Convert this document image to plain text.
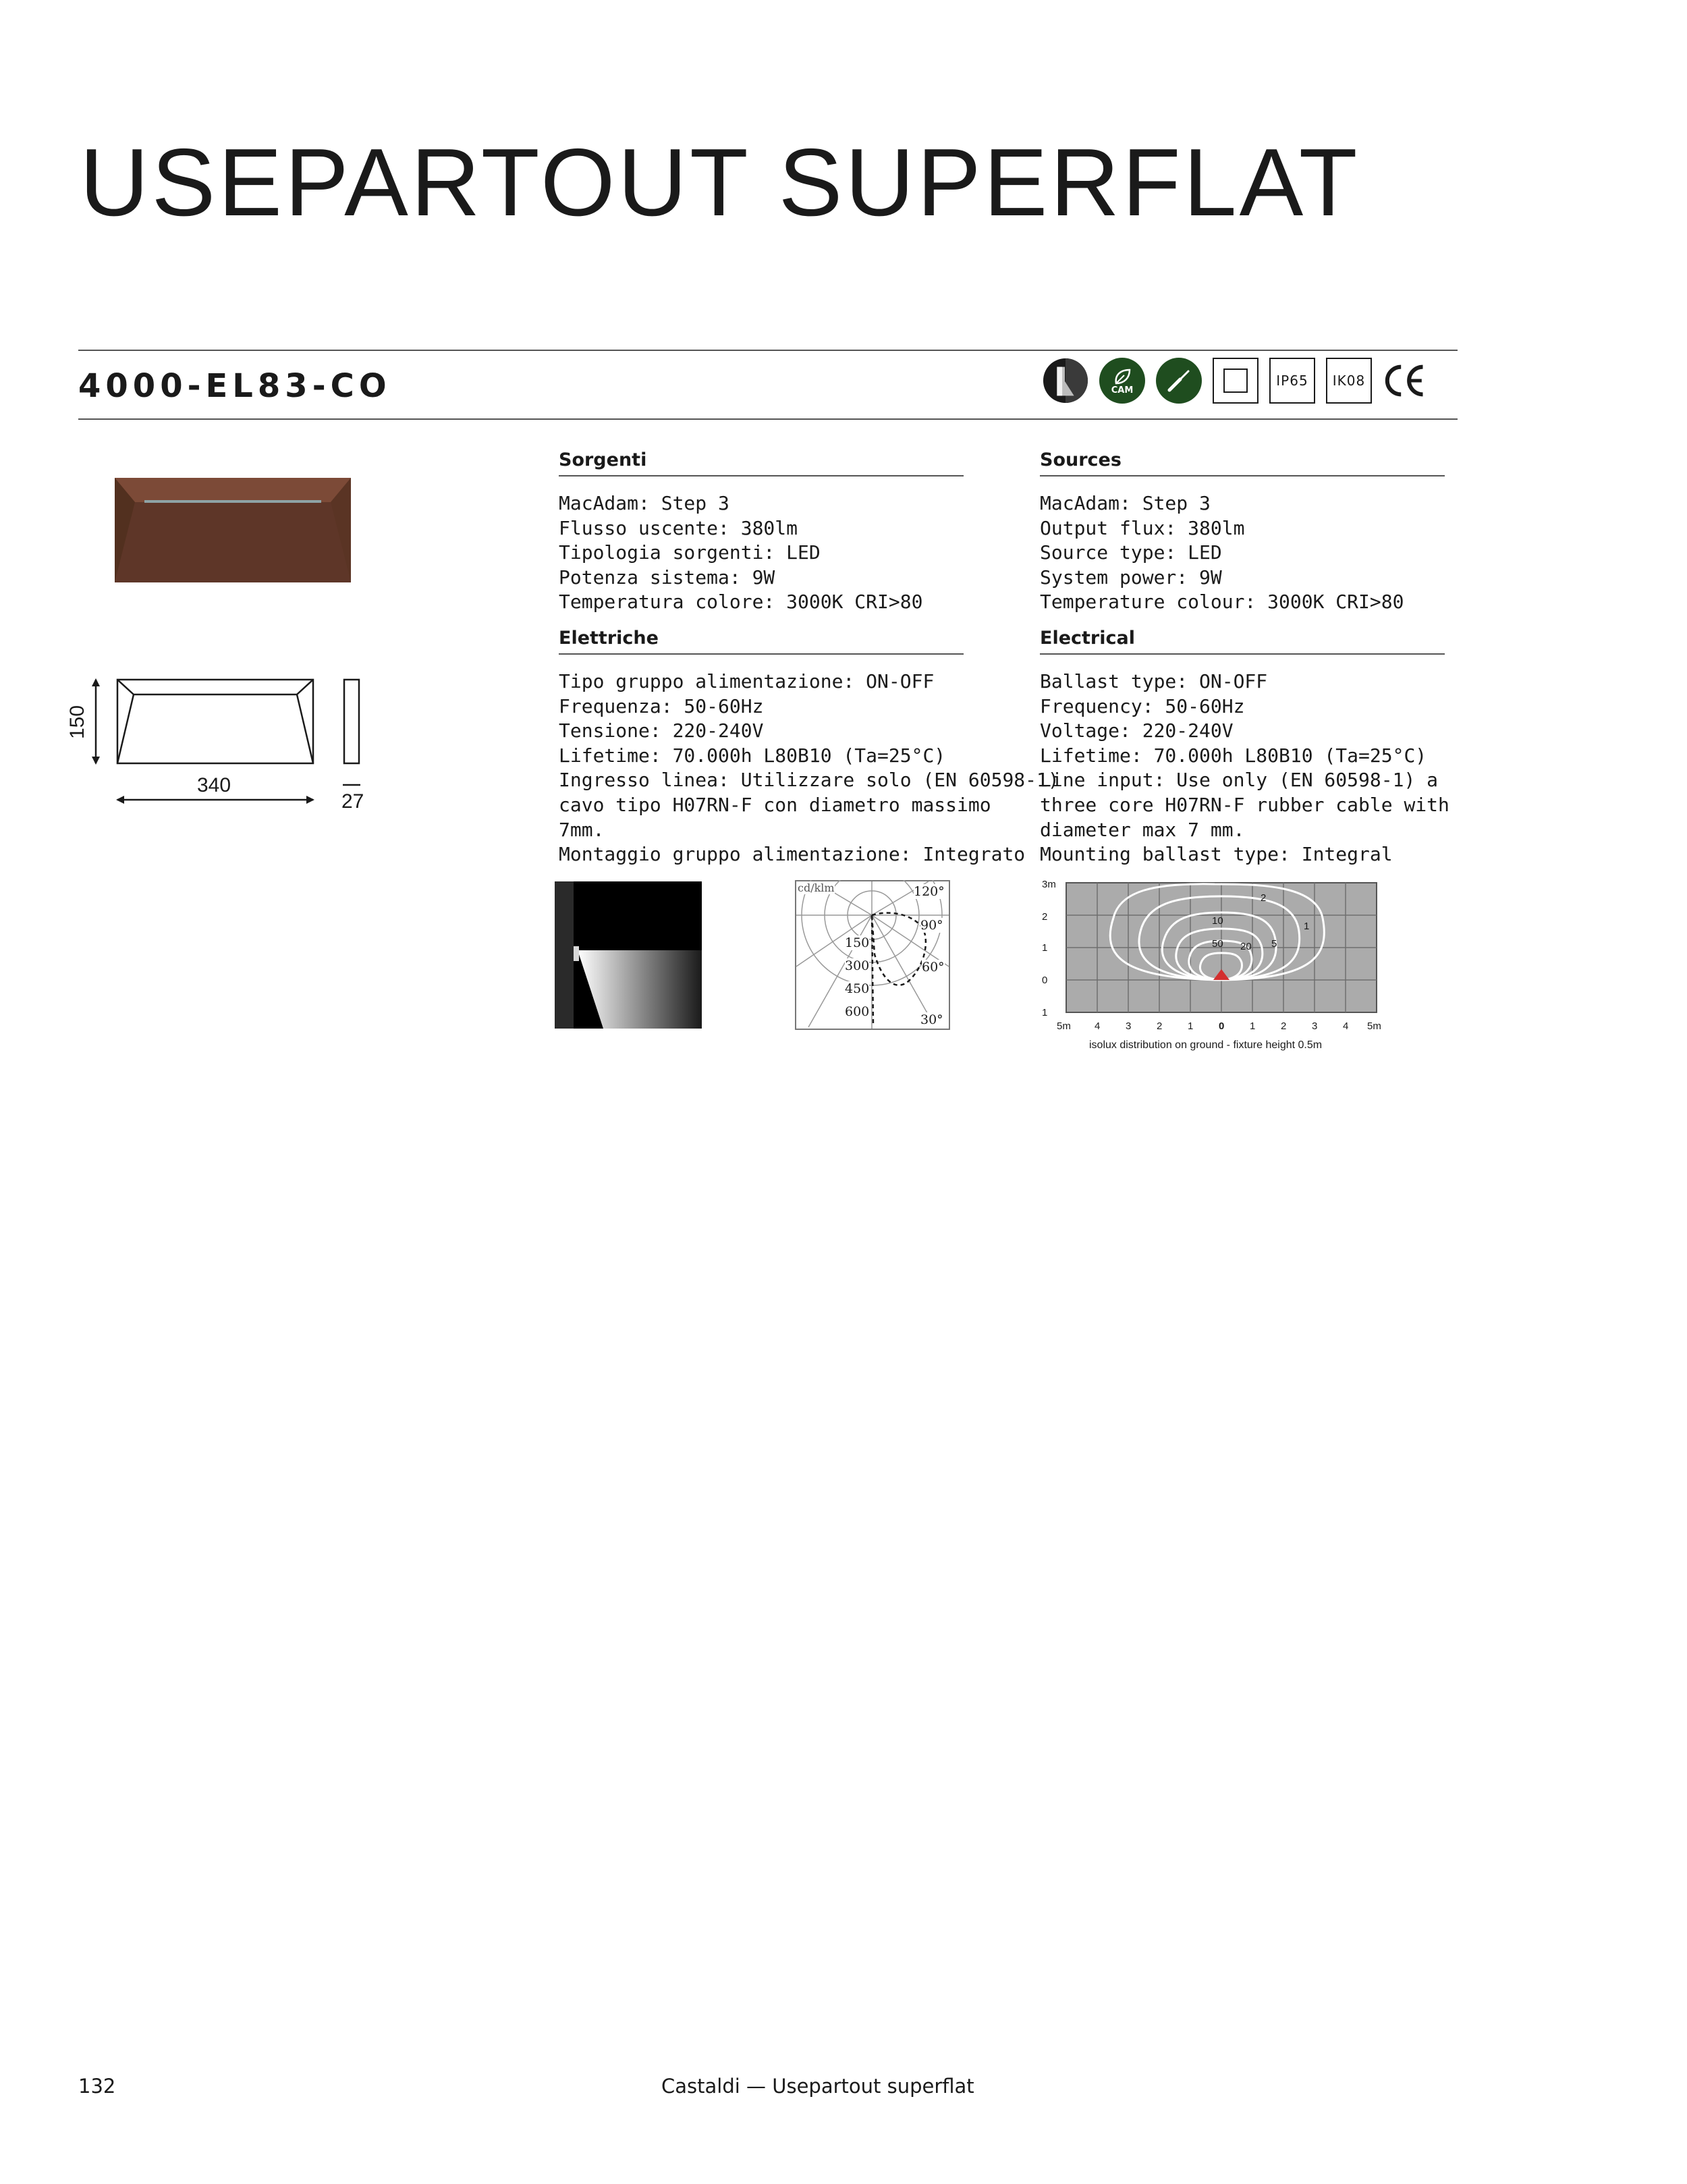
USEPARTOUT SUPERFLAT
4000-EL83-CO	CAM
IP65	IK08
150
340
27
Sorgenti
MacAdam: Step 3
Flusso uscente: 380lm
Tipologia sorgenti: LED
Potenza sistema: 9W
Temperatura colore: 3000K CRI>80
Elettriche
Tipo gruppo alimentazione: ON-OFF
Frequenza: 50-60Hz
Tensione: 220-240V
Lifetime: 70.000h L80B10 (Ta=25°C)
Ingresso linea: Utilizzare solo (EN 60598-1)
cavo tipo H07RN-F con diametro massimo
7mm.
Montaggio gruppo alimentazione: Integrato
Sources
MacAdam: Step 3
Output flux: 380lm
Source type: LED
System power: 9W
Temperature colour: 3000K CRI>80
Electrical
Ballast type: ON-OFF
Frequency: 50-60Hz
Voltage: 220-240V
Lifetime: 70.000h L80B10 (Ta=25°C)
Line input: Use only (EN 60598-1) a
three core H07RN-F rubber cable with
diameter max 7 mm.
Mounting ballast type: Integral
cd/klm
150
300
450
600
120°
90°
60°
30°
3m
2
1
0
1
5m 4	3	2	1	0	1	2	3	4 5m
2
10	1
50 20 5
isolux distribution on ground - fixture height 0.5m
132	Castaldi — Usepartout superflat
